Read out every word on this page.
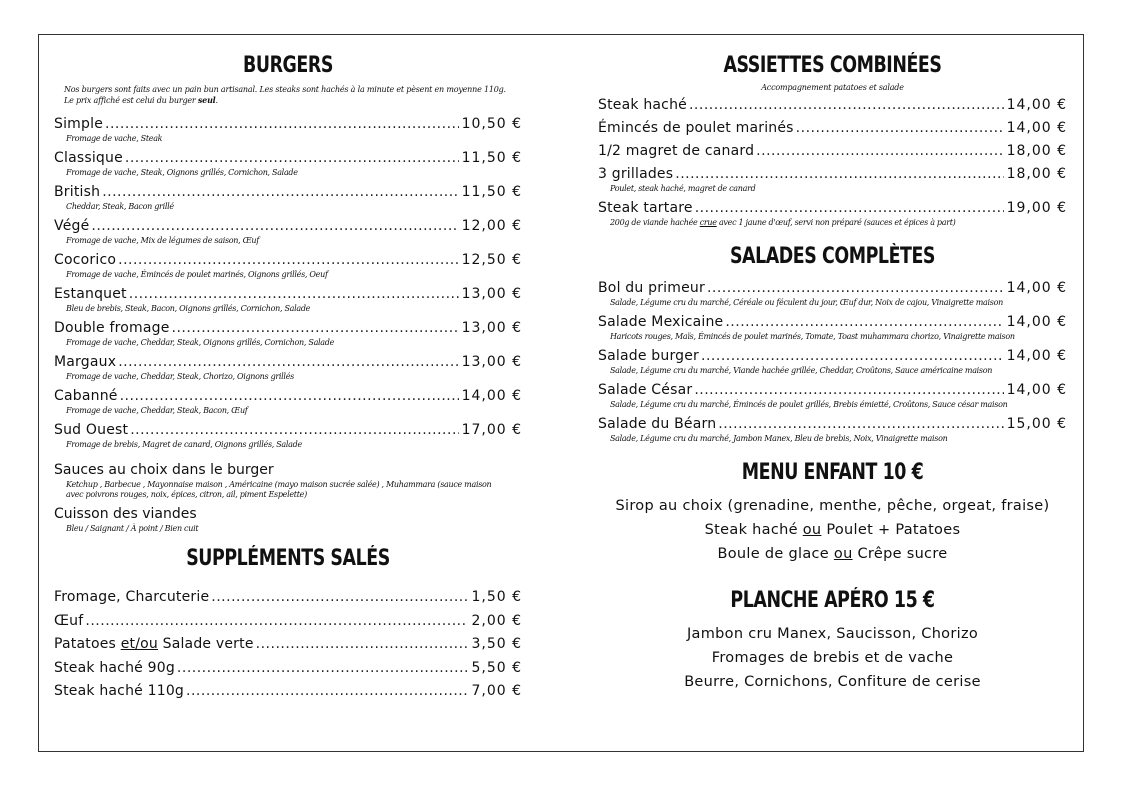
BURGERS
Nos burgers sont faits avec un pain bun artisanal. Les steaks sont hachés à la minute et pèsent en moyenne 110g.
Le prix affiché est celui du burger seul.
Simple .....	10,50 €
Fromage de vache, Steak
Classique .....	11,50 €
Fromage de vache, Steak, Oignons grillés, Cornichon, Salade
British .....	11,50 €
Cheddar, Steak, Bacon grillé
Végé .....	12,00 €
Fromage de vache, Mix de légumes de saison, Œuf
Cocorico .....	12,50 €
Fromage de vache, Émincés de poulet marinés, Oignons grillés, Oeuf
Estanquet .....	13,00 €
Bleu de brebis, Steak, Bacon, Oignons grillés, Cornichon, Salade
Double fromage .....	13,00 €
Fromage de vache, Cheddar, Steak, Oignons grillés, Cornichon, Salade
Margaux .....	13,00 €
Fromage de vache, Cheddar, Steak, Chorizo, Oignons grillés
Cabanné .....	14,00 €
Fromage de vache, Cheddar, Steak, Bacon, Œuf
Sud Ouest .....	17,00 €
Fromage de brebis, Magret de canard, Oignons grillés, Salade
Sauces au choix dans le burger
Ketchup , Barbecue , Mayonnaise maison , Américaine (mayo maison sucrée salée) , Muhammara (sauce maison
avec poivrons rouges, noix, épices, citron, ail, piment Espelette)
Cuisson des viandes
Bleu / Saignant / À point / Bien cuit
SUPPLÉMENTS SALÉS
Fromage, Charcuterie .....	1,50 €
Œuf .....	2,00 €
Patatoes et/ou Salade verte .....	3,50 €
Steak haché 90g .....	5,50 €
Steak haché 110g .....	7,00 €
ASSIETTES COMBINÉES
Accompagnement patatoes et salade
Steak haché .....	14,00 €
Émincés de poulet marinés .....	14,00 €
1/2 magret de canard .....	18,00 €
3 grillades .....	18,00 €
Poulet, steak haché, magret de canard
Steak tartare .....	19,00 €
200g de viande hachée crue avec 1 jaune d'œuf, servi non préparé (sauces et épices à part)
SALADES COMPLÈTES
Bol du primeur .....	14,00 €
Salade, Légume cru du marché, Céréale ou féculent du jour, Œuf dur, Noix de cajou, Vinaigrette maison
Salade Mexicaine .....	14,00 €
Haricots rouges, Maïs, Émincés de poulet marinés, Tomate, Toast muhammara chorizo, Vinaigrette maison
Salade burger .....	14,00 €
Salade, Légume cru du marché, Viande hachée grillée, Cheddar, Croûtons, Sauce américaine maison
Salade César .....	14,00 €
Salade, Légume cru du marché, Émincés de poulet grillés, Brebis émietté, Croûtons, Sauce césar maison
Salade du Béarn .....	15,00 €
Salade, Légume cru du marché, Jambon Manex, Bleu de brebis, Noix, Vinaigrette maison
MENU ENFANT 10 €
Sirop au choix (grenadine, menthe, pêche, orgeat, fraise)
Steak haché ou Poulet + Patatoes
Boule de glace ou Crêpe sucre
PLANCHE APÉRO 15 €
Jambon cru Manex, Saucisson, Chorizo
Fromages de brebis et de vache
Beurre, Cornichons, Confiture de cerise
